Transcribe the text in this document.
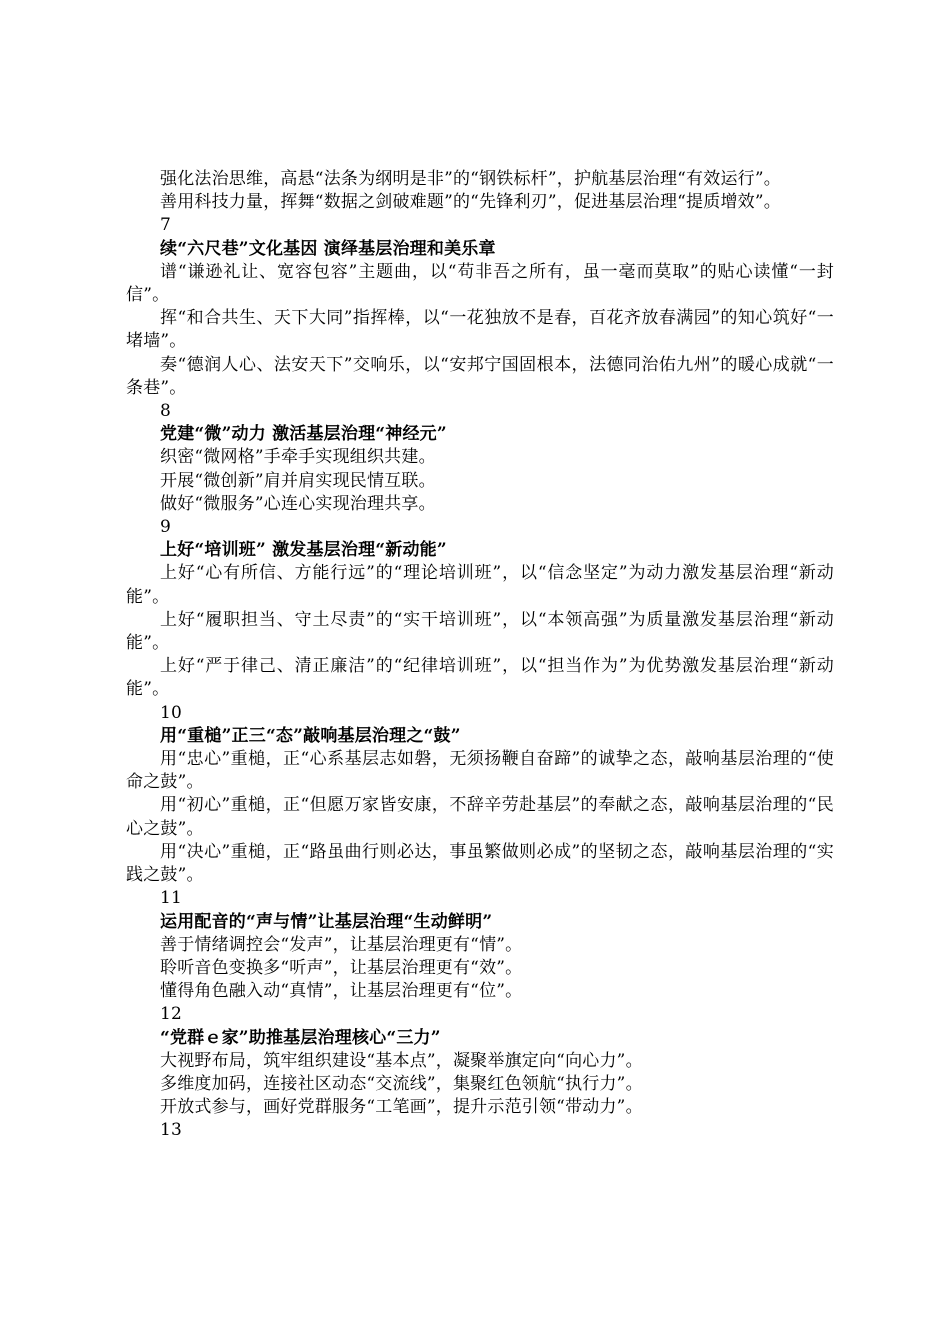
强化法治思维，高悬“法条为纲明是非”的“钢铁标杆”，护航基层治理“有效运行”。

善用科技力量，挥舞“数据之剑破难题”的“先锋利刃”，促进基层治理“提质增效”。

7

续“六尺巷”文化基因 演绎基层治理和美乐章

谱“谦逊礼让、宽容包容”主题曲，以“苟非吾之所有，虽一毫而莫取”的贴心读懂“一封信”。

挥“和合共生、天下大同”指挥棒，以“一花独放不是春，百花齐放春满园”的知心筑好“一堵墙”。

奏“德润人心、法安天下”交响乐，以“安邦宁国固根本，法德同治佑九州”的暖心成就“一条巷”。

8

党建“微”动力 激活基层治理“神经元”

织密“微网格”手牵手实现组织共建。

开展“微创新”肩并肩实现民情互联。

做好“微服务”心连心实现治理共享。

9

上好“培训班” 激发基层治理“新动能”

上好“心有所信、方能行远”的“理论培训班”，以“信念坚定”为动力激发基层治理“新动能”。

上好“履职担当、守土尽责”的“实干培训班”，以“本领高强”为质量激发基层治理“新动能”。

上好“严于律己、清正廉洁”的“纪律培训班”，以“担当作为”为优势激发基层治理“新动能”。

10

用“重槌”正三“态”敲响基层治理之“鼓”

用“忠心”重槌，正“心系基层志如磐，无须扬鞭自奋蹄”的诚挚之态，敲响基层治理的“使命之鼓”。

用“初心”重槌，正“但愿万家皆安康，不辞辛劳赴基层”的奉献之态，敲响基层治理的“民心之鼓”。

用“决心”重槌，正“路虽曲行则必达，事虽繁做则必成”的坚韧之态，敲响基层治理的“实践之鼓”。

11

运用配音的“声与情”让基层治理“生动鲜明”

善于情绪调控会“发声”，让基层治理更有“情”。

聆听音色变换多“听声”，让基层治理更有“效”。

懂得角色融入动“真情”，让基层治理更有“位”。

12

“党群ｅ家”助推基层治理核心“三力”

大视野布局，筑牢组织建设“基本点”，凝聚举旗定向“向心力”。

多维度加码，连接社区动态“交流线”，集聚红色领航“执行力”。

开放式参与，画好党群服务“工笔画”，提升示范引领“带动力”。

13
